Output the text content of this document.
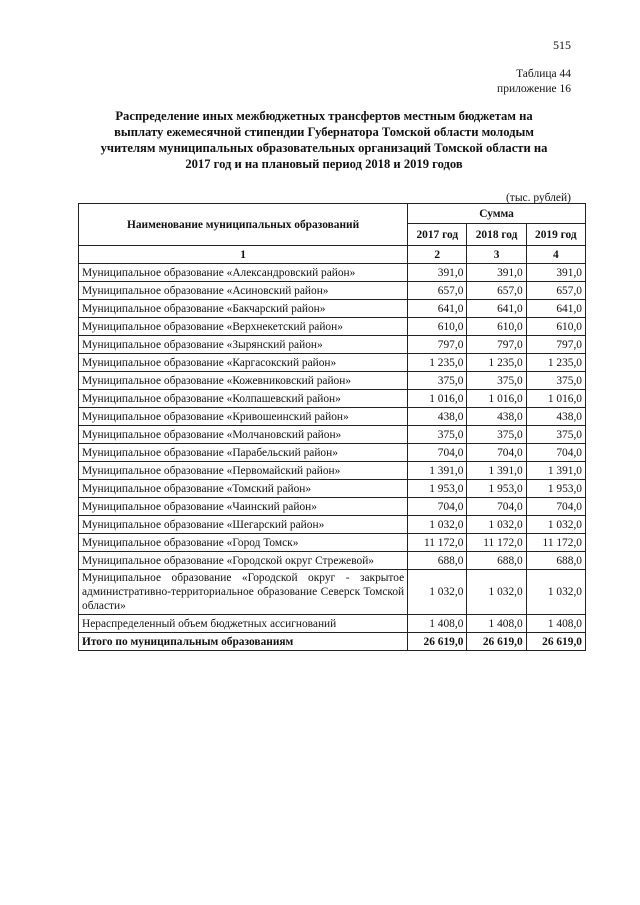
515
Таблица 44
приложение 16
Распределение иных межбюджетных трансфертов местным бюджетам на
выплату ежемесячной стипендии Губернатора Томской области молодым
учителям муниципальных образовательных организаций Томской области на
2017 год и на плановый период 2018 и 2019 годов
(тыс. рублей)
Наименование муниципальных образований	Сумма		
	2017 год	2018 год	2019 год
1	2	3	4
Муниципальное образование «Александровский район»	391,0	391,0	391,0
Муниципальное образование «Асиновский район»	657,0	657,0	657,0
Муниципальное образование «Бакчарский район»	641,0	641,0	641,0
Муниципальное образование «Верхнекетский район»	610,0	610,0	610,0
Муниципальное образование «Зырянский район»	797,0	797,0	797,0
Муниципальное образование «Каргасокский район»	1 235,0	1 235,0	1 235,0
Муниципальное образование «Кожевниковский район»	375,0	375,0	375,0
Муниципальное образование «Колпашевский район»	1 016,0	1 016,0	1 016,0
Муниципальное образование «Кривошеинский район»	438,0	438,0	438,0
Муниципальное образование «Молчановский район»	375,0	375,0	375,0
Муниципальное образование «Парабельский район»	704,0	704,0	704,0
Муниципальное образование «Первомайский район»	1 391,0	1 391,0	1 391,0
Муниципальное образование «Томский район»	1 953,0	1 953,0	1 953,0
Муниципальное образование «Чаинский район»	704,0	704,0	704,0
Муниципальное образование «Шегарский район»	1 032,0	1 032,0	1 032,0
Муниципальное образование «Город Томск»	11 172,0	11 172,0	11 172,0
Муниципальное образование «Городской округ Стрежевой»	688,0	688,0	688,0
Муниципальное образование «Городской округ - закрытое административно-территориальное образование Северск Томской области»	1 032,0	1 032,0	1 032,0
Нераспределенный объем бюджетных ассигнований	1 408,0	1 408,0	1 408,0
Итого по муниципальным образованиям	26 619,0	26 619,0	26 619,0
